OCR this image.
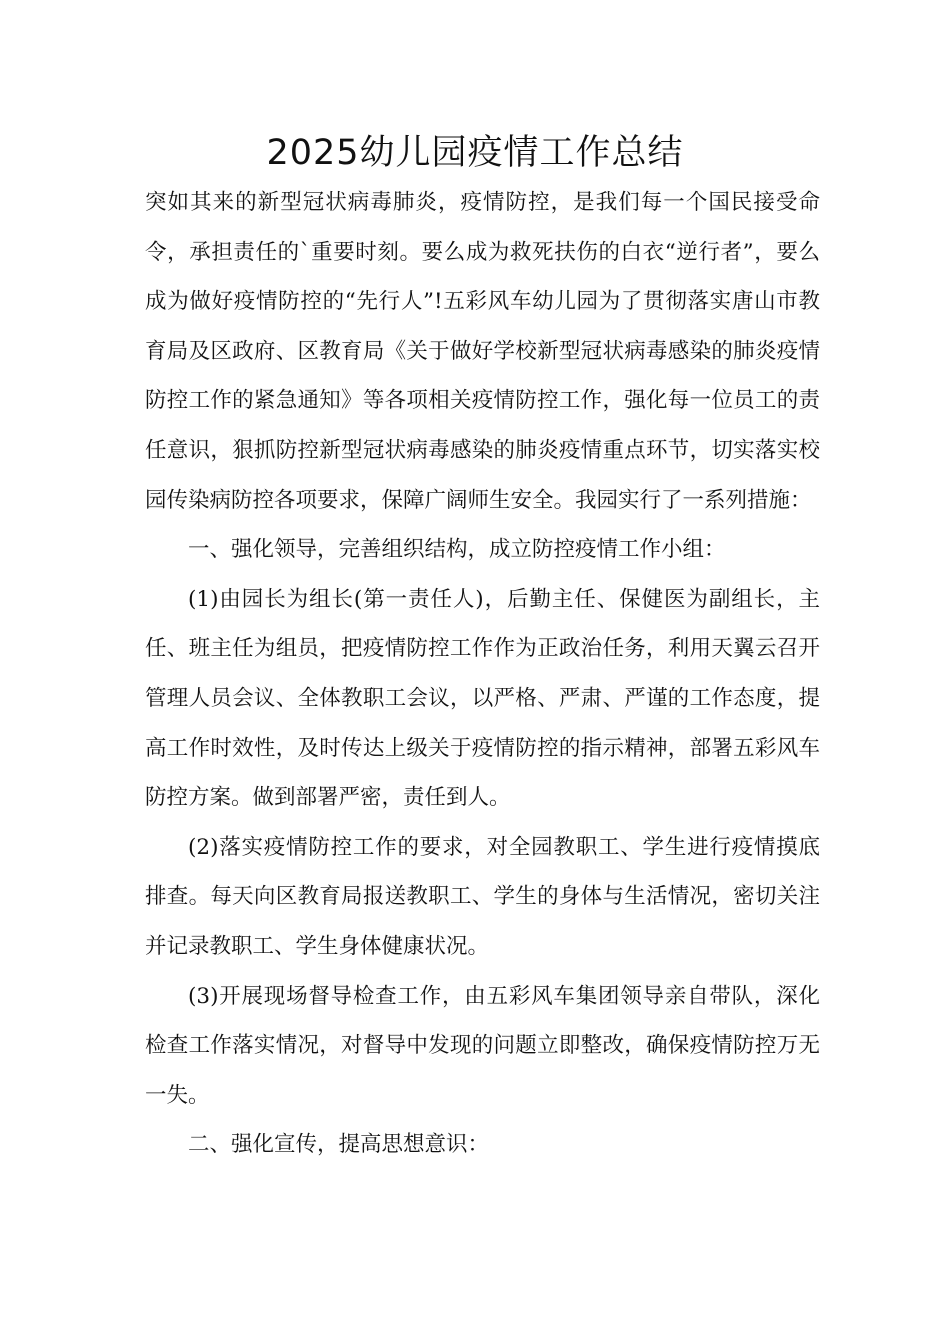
2025幼儿园疫情工作总结

突如其来的新型冠状病毒肺炎，疫情防控，是我们每一个国民接受命令，承担责任的`重要时刻。要么成为救死扶伤的白衣“逆行者”，要么成为做好疫情防控的“先行人”!五彩风车幼儿园为了贯彻落实唐山市教育局及区政府、区教育局《关于做好学校新型冠状病毒感染的肺炎疫情防控工作的紧急通知》等各项相关疫情防控工作，强化每一位员工的责任意识，狠抓防控新型冠状病毒感染的肺炎疫情重点环节，切实落实校园传染病防控各项要求，保障广阔师生安全。我园实行了一系列措施：

一、强化领导，完善组织结构，成立防控疫情工作小组：

(1)由园长为组长(第一责任人)，后勤主任、保健医为副组长，主任、班主任为组员，把疫情防控工作作为正政治任务，利用天翼云召开管理人员会议、全体教职工会议，以严格、严肃、严谨的工作态度，提高工作时效性，及时传达上级关于疫情防控的指示精神，部署五彩风车防控方案。做到部署严密，责任到人。

(2)落实疫情防控工作的要求，对全园教职工、学生进行疫情摸底排查。每天向区教育局报送教职工、学生的身体与生活情况，密切关注并记录教职工、学生身体健康状况。

(3)开展现场督导检查工作，由五彩风车集团领导亲自带队，深化检查工作落实情况，对督导中发现的问题立即整改，确保疫情防控万无一失。

二、强化宣传，提高思想意识：
